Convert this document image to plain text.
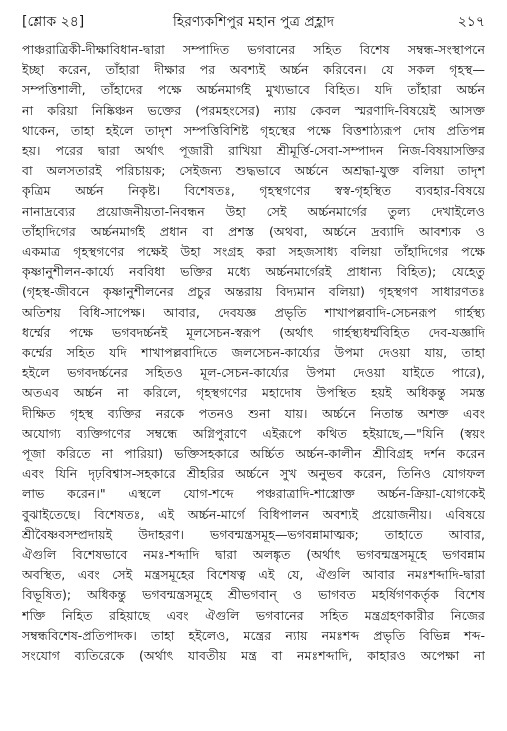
[শ্লোক ২৪]	হিরণ্যকশিপুর মহান পুত্র প্রহ্লাদ	২১৭
পাঞ্চরাত্রিকী-দীক্ষাবিধান-দ্বারা সম্পাদিত ভগবানের সহিত বিশেষ সম্বন্ধ-সংস্থাপনে
ইচ্ছা করেন, তাঁহারা দীক্ষার পর অবশ্যই অর্চ্চন করিবেন। যে সকল গৃহস্থ—
সম্পত্তিশালী, তাঁহাদের পক্ষে অর্চ্চনমার্গই মুখ্যভাবে বিহিত। যদি তাঁহারা অর্চ্চন
না করিয়া নিষ্কিঞ্চন ভক্তের (পরমহংসের) ন্যায় কেবল স্মরণাদি-বিষয়েই আসক্ত
থাকেন, তাহা হইলে তাদৃশ সম্পত্তিবিশিষ্ট গৃহস্থের পক্ষে বিত্তশাঠ্যরূপ দোষ প্রতিপন্ন
হয়। পরের দ্বারা অর্থাৎ পূজারী রাখিয়া শ্রীমূর্ত্তি-সেবা-সম্পাদন নিজ-বিষয়াসক্তির
বা অলসতারই পরিচায়ক; সেইজন্য শুদ্ধভাবে অর্চ্চনে অশ্রদ্ধা-যুক্ত বলিয়া তাদৃশ
কৃত্রিম অর্চ্চন নিকৃষ্ট। বিশেষতঃ, গৃহস্থগণের স্বস্ব-গৃহস্থিত ব্যবহার-বিষয়ে
নানাদ্রব্যের প্রয়োজনীয়তা-নিবন্ধন উহা সেই অর্চ্চনমার্গের তুল্য দেখাইলেও
তাঁহাদিগের অর্চ্চনমার্গই প্রধান বা প্রশস্ত (অথবা, অর্চ্চনে দ্রব্যাদি আবশ্যক ও
একমাত্র গৃহস্থগণের পক্ষেই উহা সংগ্রহ করা সহজসাধ্য বলিয়া তাঁহাদিগের পক্ষে
কৃষ্ণানুশীলন-কার্য্যে নববিধা ভক্তির মধ্যে অর্চ্চনমার্গেরই প্রাধান্য বিহিত); যেহেতু
(গৃহস্থ-জীবনে কৃষ্ণানুশীলনের প্রচুর অন্তরায় বিদ্যমান বলিয়া) গৃহস্থগণ সাধারণতঃ
অতিশয় বিধি-সাপেক্ষ। আবার, দেবযজ্ঞ প্রভৃতি শাখাপল্লবাদি-সেচনরূপ গার্হস্থ্য
ধর্ম্মের পক্ষে ভগবদর্চ্চনই মূলসেচন-স্বরূপ (অর্থাৎ গার্হস্থ্যধর্ম্মবিহিত দেব-যজ্ঞাদি
কর্ম্মের সহিত যদি শাখাপল্লবাদিতে জলসেচন-কার্য্যের উপমা দেওয়া যায়, তাহা
হইলে ভগবদর্চ্চনের সহিতও মূল-সেচন-কার্য্যের উপমা দেওয়া যাইতে পারে),
অতএব অর্চ্চন না করিলে, গৃহস্থগণের মহাদোষ উপস্থিত হয়ই অধিকন্তু সমস্ত
দীক্ষিত গৃহস্থ ব্যক্তির নরকে পতনও শুনা যায়। অর্চ্চনে নিতান্ত অশক্ত এবং
অযোগ্য ব্যক্তিগণের সম্বন্ধে অগ্নিপুরাণে এইরূপে কথিত হইয়াছে,—"যিনি (স্বয়ং
পূজা করিতে না পারিয়া) ভক্তিসহকারে অর্চ্চিত অর্চ্চন-কালীন শ্রীবিগ্রহ দর্শন করেন
এবং যিনি দৃঢ়বিশ্বাস-সহকারে শ্রীহরির অর্চ্চনে সুখ অনুভব করেন, তিনিও যোগফল
লাভ করেন।" এস্থলে যোগ-শব্দে পঞ্চরাত্রাদি-শাস্ত্রোক্ত অর্চ্চন-ক্রিয়া-যোগকেই
বুঝাইতেছে। বিশেষতঃ, এই অর্চ্চন-মার্গে বিধিপালন অবশ্যই প্রয়োজনীয়। এবিষয়ে
শ্রীবৈষ্ণবসম্প্রদায়ই উদাহরণ। ভগবন্মন্ত্রসমূহ—ভগবন্নামাত্মক; তাহাতে আবার,
ঐগুলি বিশেষভাবে নমঃ-শব্দাদি দ্বারা অলঙ্কৃত (অর্থাৎ ভগবন্মন্ত্রসমূহে ভগবন্নাম
অবস্থিত, এবং সেই মন্ত্রসমূহের বিশেষত্ব এই যে, ঐগুলি আবার নমঃশব্দাদি-দ্বারা
বিভূষিত); অধিকন্তু ভগবন্মন্ত্রসমূহে শ্রীভগবান্ ও ভাগবত মহর্ষিগণকর্তৃক বিশেষ
শক্তি নিহিত রহিয়াছে এবং ঐগুলি ভগবানের সহিত মন্ত্রগ্রহণকারীর নিজের
সম্বন্ধবিশেষ-প্রতিপাদক। তাহা হইলেও, মন্ত্রের ন্যায় নমঃশব্দ প্রভৃতি বিভিন্ন শব্দ-
সংযোগ ব্যতিরেকে (অর্থাৎ যাবতীয় মন্ত্র বা নমঃশব্দাদি, কাহারও অপেক্ষা না
